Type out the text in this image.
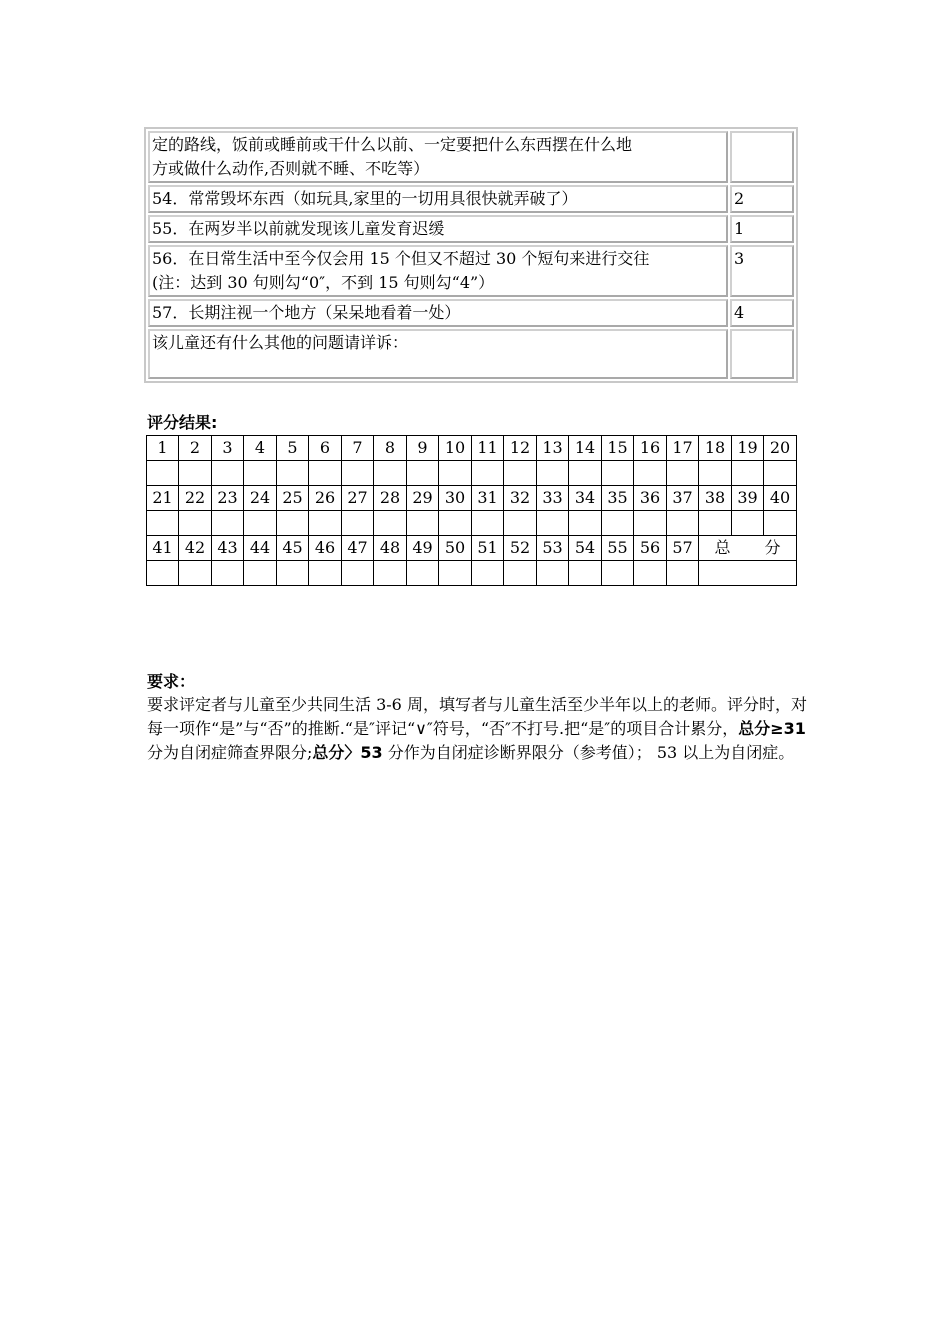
定的路线，饭前或睡前或干什么以前、一定要把什么东西摆在什么地
方或做什么动作,否则就不睡、不吃等）	
54．常常毁坏东西（如玩具,家里的一切用具很快就弄破了）	2
55．在两岁半以前就发现该儿童发育迟缓	1
56．在日常生活中至今仅会用 15 个但又不超过 30 个短句来进行交往
(注：达到 30 句则勾“0″，不到 15 句则勾“4”）	3
57．长期注视一个地方（呆呆地看着一处）	4
该儿童还有什么其他的问题请详诉：

评分结果:
1	2	3	4	5	6	7	8	9	10	11	12	13	14	15	16	17	18	19	20

21	22	23	24	25	26	27	28	29	30	31	32	33	34	35	36	37	38	39	40

41	42	43	44	45	46	47	48	49	50	51	52	53	54	55	56	57	总 分		

要求：
要求评定者与儿童至少共同生活 3-6 周，填写者与儿童生活至少半年以上的老师。评分时，对每一项作“是”与“否”的推断.“是″评记“∨″符号，“否″不打号.把“是″的项目合计累分，总分≥31 分为自闭症筛查界限分;总分〉53 分作为自闭症诊断界限分（参考值）； 53 以上为自闭症。
